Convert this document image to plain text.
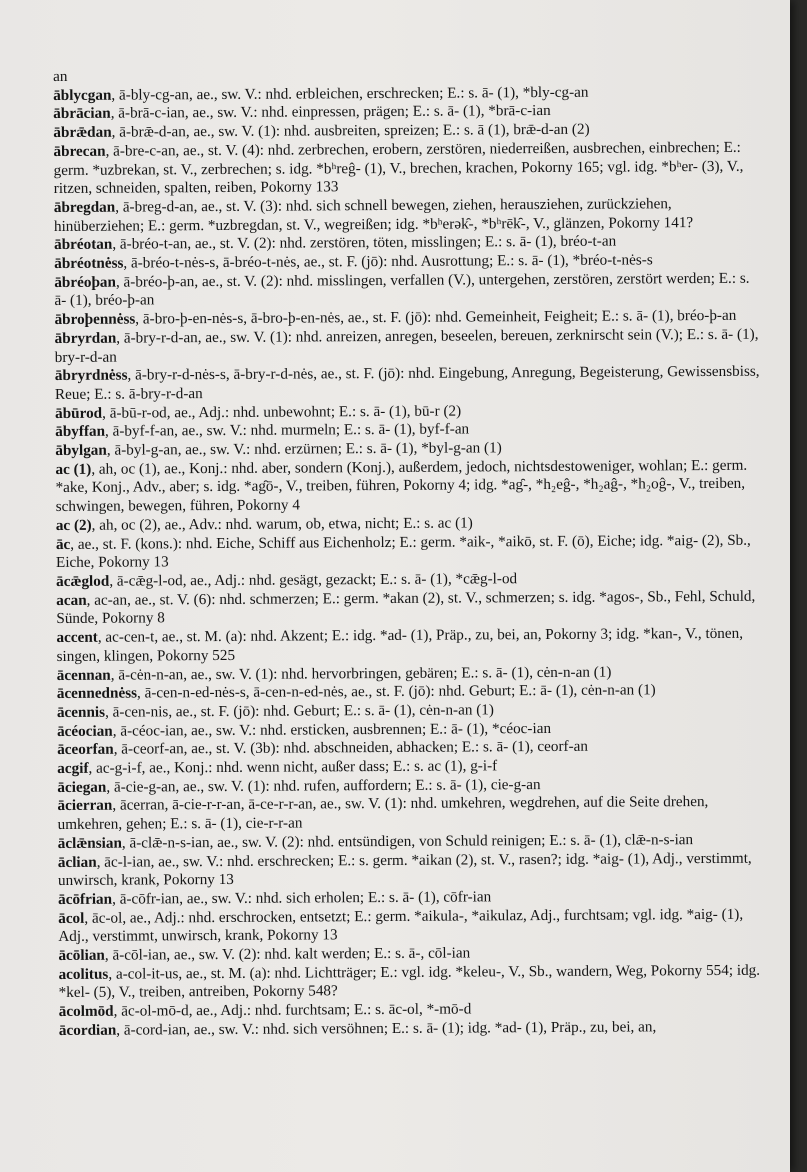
an
āblycgan, ā-bly-cg-an, ae., sw. V.: nhd. erbleichen, erschrecken; E.: s. ā- (1), *bly-cg-an
ābrācian, ā-brā-c-ian, ae., sw. V.: nhd. einpressen, prägen; E.: s. ā- (1), *brā-c-ian
ābrǣdan, ā-brǣ-d-an, ae., sw. V. (1): nhd. ausbreiten, spreizen; E.: s. ā (1), brǣ-d-an (2)
ābrecan, ā-bre-c-an, ae., st. V. (4): nhd. zerbrechen, erobern, zerstören, niederreißen, ausbrechen, einbrechen; E.: germ. *uzbrekan, st. V., zerbrechen; s. idg. *bʰreĝ- (1), V., brechen, krachen, Pokorny 165; vgl. idg. *bʰer- (3), V., ritzen, schneiden, spalten, reiben, Pokorny 133
ābregdan, ā-breg-d-an, ae., st. V. (3): nhd. sich schnell bewegen, ziehen, herausziehen, zurückziehen, hinüberziehen; E.: germ. *uzbregdan, st. V., wegreißen; idg. *bʰerək̑-, *bʰrēk̑-, V., glänzen, Pokorny 141?
ābréotan, ā-bréo-t-an, ae., st. V. (2): nhd. zerstören, töten, misslingen; E.: s. ā- (1), bréo-t-an
ābréotnėss, ā-bréo-t-nės-s, ā-bréo-t-nės, ae., st. F. (jō): nhd. Ausrottung; E.: s. ā- (1), *bréo-t-nės-s
ābréoþan, ā-bréo-þ-an, ae., st. V. (2): nhd. misslingen, verfallen (V.), untergehen, zerstören, zerstört werden; E.: s. ā- (1), bréo-þ-an
ābroþennėss, ā-bro-þ-en-nės-s, ā-bro-þ-en-nės, ae., st. F. (jō): nhd. Gemeinheit, Feigheit; E.: s. ā- (1), bréo-þ-an
ābryrdan, ā-bry-r-d-an, ae., sw. V. (1): nhd. anreizen, anregen, beseelen, bereuen, zerknirscht sein (V.); E.: s. ā- (1), bry-r-d-an
ābryrdnėss, ā-bry-r-d-nės-s, ā-bry-r-d-nės, ae., st. F. (jō): nhd. Eingebung, Anregung, Begeisterung, Gewissensbiss, Reue; E.: s. ā-bry-r-d-an
ābūrod, ā-bū-r-od, ae., Adj.: nhd. unbewohnt; E.: s. ā- (1), bū-r (2)
ābyffan, ā-byf-f-an, ae., sw. V.: nhd. murmeln; E.: s. ā- (1), byf-f-an
ābylgan, ā-byl-g-an, ae., sw. V.: nhd. erzürnen; E.: s. ā- (1), *byl-g-an (1)
ac (1), ah, oc (1), ae., Konj.: nhd. aber, sondern (Konj.), außerdem, jedoch, nichtsdestoweniger, wohlan; E.: germ. *ake, Konj., Adv., aber; s. idg. *ag̑ō-, V., treiben, führen, Pokorny 4; idg. *ag̑-, *h₂eĝ-, *h₂aĝ-, *h₂oĝ-, V., treiben, schwingen, bewegen, führen, Pokorny 4
ac (2), ah, oc (2), ae., Adv.: nhd. warum, ob, etwa, nicht; E.: s. ac (1)
āc, ae., st. F. (kons.): nhd. Eiche, Schiff aus Eichenholz; E.: germ. *aik-, *aikō, st. F. (ō), Eiche; idg. *aig- (2), Sb., Eiche, Pokorny 13
ācǣglod, ā-cǣg-l-od, ae., Adj.: nhd. gesägt, gezackt; E.: s. ā- (1), *cǣg-l-od
acan, ac-an, ae., st. V. (6): nhd. schmerzen; E.: germ. *akan (2), st. V., schmerzen; s. idg. *agos-, Sb., Fehl, Schuld, Sünde, Pokorny 8
accent, ac-cen-t, ae., st. M. (a): nhd. Akzent; E.: idg. *ad- (1), Präp., zu, bei, an, Pokorny 3; idg. *kan-, V., tönen, singen, klingen, Pokorny 525
ācennan, ā-cėn-n-an, ae., sw. V. (1): nhd. hervorbringen, gebären; E.: s. ā- (1), cėn-n-an (1)
ācennednėss, ā-cen-n-ed-nės-s, ā-cen-n-ed-nės, ae., st. F. (jō): nhd. Geburt; E.: ā- (1), cėn-n-an (1)
ācennis, ā-cen-nis, ae., st. F. (jō): nhd. Geburt; E.: s. ā- (1), cėn-n-an (1)
ācéocian, ā-céoc-ian, ae., sw. V.: nhd. ersticken, ausbrennen; E.: ā- (1), *céoc-ian
āceorfan, ā-ceorf-an, ae., st. V. (3b): nhd. abschneiden, abhacken; E.: s. ā- (1), ceorf-an
acgif, ac-g-i-f, ae., Konj.: nhd. wenn nicht, außer dass; E.: s. ac (1), g-i-f
āciegan, ā-cie-g-an, ae., sw. V. (1): nhd. rufen, auffordern; E.: s. ā- (1), cie-g-an
ācierran, ācerran, ā-cie-r-r-an, ā-ce-r-r-an, ae., sw. V. (1): nhd. umkehren, wegdrehen, auf die Seite drehen, umkehren, gehen; E.: s. ā- (1), cie-r-r-an
āclǣnsian, ā-clǣ-n-s-ian, ae., sw. V. (2): nhd. entsündigen, von Schuld reinigen; E.: s. ā- (1), clǣ-n-s-ian
āclian, āc-l-ian, ae., sw. V.: nhd. erschrecken; E.: s. germ. *aikan (2), st. V., rasen?; idg. *aig- (1), Adj., verstimmt, unwirsch, krank, Pokorny 13
ācōfrian, ā-cōfr-ian, ae., sw. V.: nhd. sich erholen; E.: s. ā- (1), cōfr-ian
ācol, āc-ol, ae., Adj.: nhd. erschrocken, entsetzt; E.: germ. *aikula-, *aikulaz, Adj., furchtsam; vgl. idg. *aig- (1), Adj., verstimmt, unwirsch, krank, Pokorny 13
ācōlian, ā-cōl-ian, ae., sw. V. (2): nhd. kalt werden; E.: s. ā-, cōl-ian
acolitus, a-col-it-us, ae., st. M. (a): nhd. Lichtträger; E.: vgl. idg. *keleu-, V., Sb., wandern, Weg, Pokorny 554; idg. *kel- (5), V., treiben, antreiben, Pokorny 548?
ācolmōd, āc-ol-mō-d, ae., Adj.: nhd. furchtsam; E.: s. āc-ol, *-mō-d
ācordian, ā-cord-ian, ae., sw. V.: nhd. sich versöhnen; E.: s. ā- (1); idg. *ad- (1), Präp., zu, bei, an,
